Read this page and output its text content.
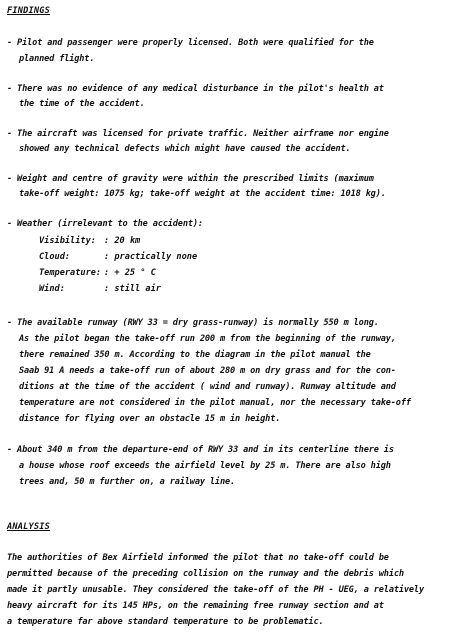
FINDINGS
- Pilot and passenger were properly licensed. Both were qualified for the
planned flight.
- There was no evidence of any medical disturbance in the pilot's health at
the time of the accident.
- The aircraft was licensed for private traffic. Neither airframe nor engine
showed any technical defects which might have caused the accident.
- Weight and centre of gravity were within the prescribed limits (maximum
take-off weight: 1075 kg; take-off weight at the accident time: 1018 kg).
- Weather (irrelevant to the accident):
Visibility: : 20 km
Cloud:	: practically none
Temperature: : + 25 ° C
Wind:	: still air
- The available runway (RWY 33 = dry grass-runway) is normally 550 m long.
As the pilot began the take-off run 200 m from the beginning of the runway,
there remained 350 m. According to the diagram in the pilot manual the
Saab 91 A needs a take-off run of about 280 m on dry grass and for the con-
ditions at the time of the accident ( wind and runway). Runway altitude and
temperature are not considered in the pilot manual, nor the necessary take-off
distance for flying over an obstacle 15 m in height.
- About 340 m from the departure-end of RWY 33 and in its centerline there is
a house whose roof exceeds the airfield level by 25 m. There are also high
trees and, 50 m further on, a railway line.
ANALYSIS
The authorities of Bex Airfield informed the pilot that no take-off could be
permitted because of the preceding collision on the runway and the debris which
made it partly unusable. They considered the take-off of the PH - UEG, a relatively
heavy aircraft for its 145 HPs, on the remaining free runway section and at
a temperature far above standard temperature to be problematic.
